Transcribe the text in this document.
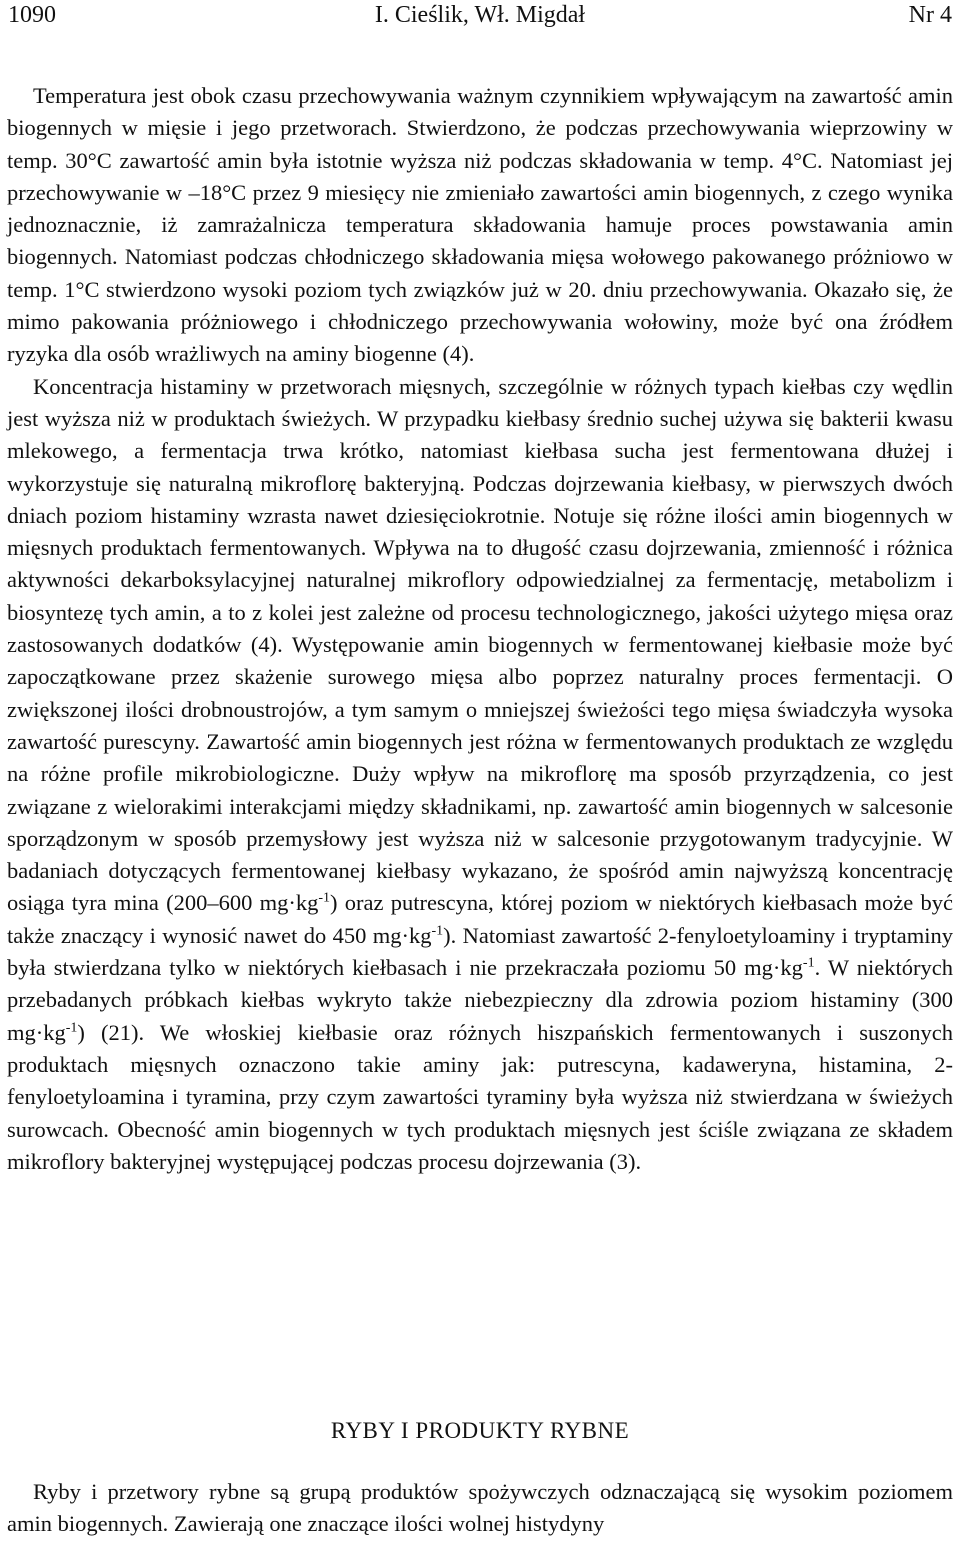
1090	I. Cieślik, Wł. Migdał	Nr 4

Temperatura jest obok czasu przechowywania ważnym czynnikiem wpływającym na zawartość amin biogennych w mięsie i jego przetworach. Stwierdzono, że podczas przechowywania wieprzowiny w temp. 30°C zawartość amin była istotnie wyższa niż podczas składowania w temp. 4°C. Natomiast jej przechowywanie w –18°C przez 9 miesięcy nie zmieniało zawartości amin biogennych, z czego wynika jednoznacznie, iż zamrażalnicza temperatura składowania hamuje proces powstawania amin biogennych. Natomiast podczas chłodniczego składowania mięsa wołowego pakowanego próżniowo w temp. 1°C stwierdzono wysoki poziom tych związków już w 20. dniu przechowywania. Okazało się, że mimo pakowania próżniowego i chłodniczego przechowywania wołowiny, może być ona źródłem ryzyka dla osób wrażliwych na aminy biogenne (4).

Koncentracja histaminy w przetworach mięsnych, szczególnie w różnych typach kiełbas czy wędlin jest wyższa niż w produktach świeżych. W przypadku kiełbasy średnio suchej używa się bakterii kwasu mlekowego, a fermentacja trwa krótko, natomiast kiełbasa sucha jest fermentowana dłużej i wykorzystuje się naturalną mikroflorę bakteryjną. Podczas dojrzewania kiełbasy, w pierwszych dwóch dniach poziom histaminy wzrasta nawet dziesięciokrotnie. Notuje się różne ilości amin biogennych w mięsnych produktach fermentowanych. Wpływa na to długość czasu dojrzewania, zmienność i różnica aktywności dekarboksylacyjnej naturalnej mikroflory odpowiedzialnej za fermentację, metabolizm i biosyntezę tych amin, a to z kolei jest zależne od procesu technologicznego, jakości użytego mięsa oraz zastosowanych dodatków (4). Występowanie amin biogennych w fermentowanej kiełbasie może być zapoczątkowane przez skażenie surowego mięsa albo poprzez naturalny proces fermentacji. O zwiększonej ilości drobnoustrojów, a tym samym o mniejszej świeżości tego mięsa świadczyła wysoka zawartość purescyny. Zawartość amin biogennych jest różna w fermentowanych produktach ze względu na różne profile mikrobiologiczne. Duży wpływ na mikroflorę ma sposób przyrządzenia, co jest związane z wielorakimi interakcjami między składnikami, np. zawartość amin biogennych w salcesonie sporządzonym w sposób przemysłowy jest wyższa niż w salcesonie przygotowanym tradycyjnie. W badaniach dotyczących fermentowanej kiełbasy wykazano, że spośród amin najwyższą koncentrację osiąga tyra mina (200–600 $mg\cdot kg^{-1}$) oraz putrescyna, której poziom w niektórych kiełbasach może być także znaczący i wynosić nawet do 450 $mg\cdot kg^{-1}$). Natomiast zawartość 2-fenyloetyloaminy i tryptaminy była stwierdzana tylko w niektórych kiełbasach i nie przekraczała poziomu 50 $mg\cdot kg^{-1}$. W niektórych przebadanych próbkach kiełbas wykryto także niebezpieczny dla zdrowia poziom histaminy (300 $mg\cdot kg^{-1}$) (21). We włoskiej kiełbasie oraz różnych hiszpańskich fermentowanych i suszonych produktach mięsnych oznaczono takie aminy jak: putrescyna, kadaweryna, histamina, 2-fenyloetyloamina i tyramina, przy czym zawartości tyraminy była wyższa niż stwierdzana w świeżych surowcach. Obecność amin biogennych w tych produktach mięsnych jest ściśle związana ze składem mikroflory bakteryjnej występującej podczas procesu dojrzewania (3).

RYBY I PRODUKTY RYBNE

Ryby i przetwory rybne są grupą produktów spożywczych odznaczającą się wysokim poziomem amin biogennych. Zawierają one znaczące ilości wolnej histydyny
